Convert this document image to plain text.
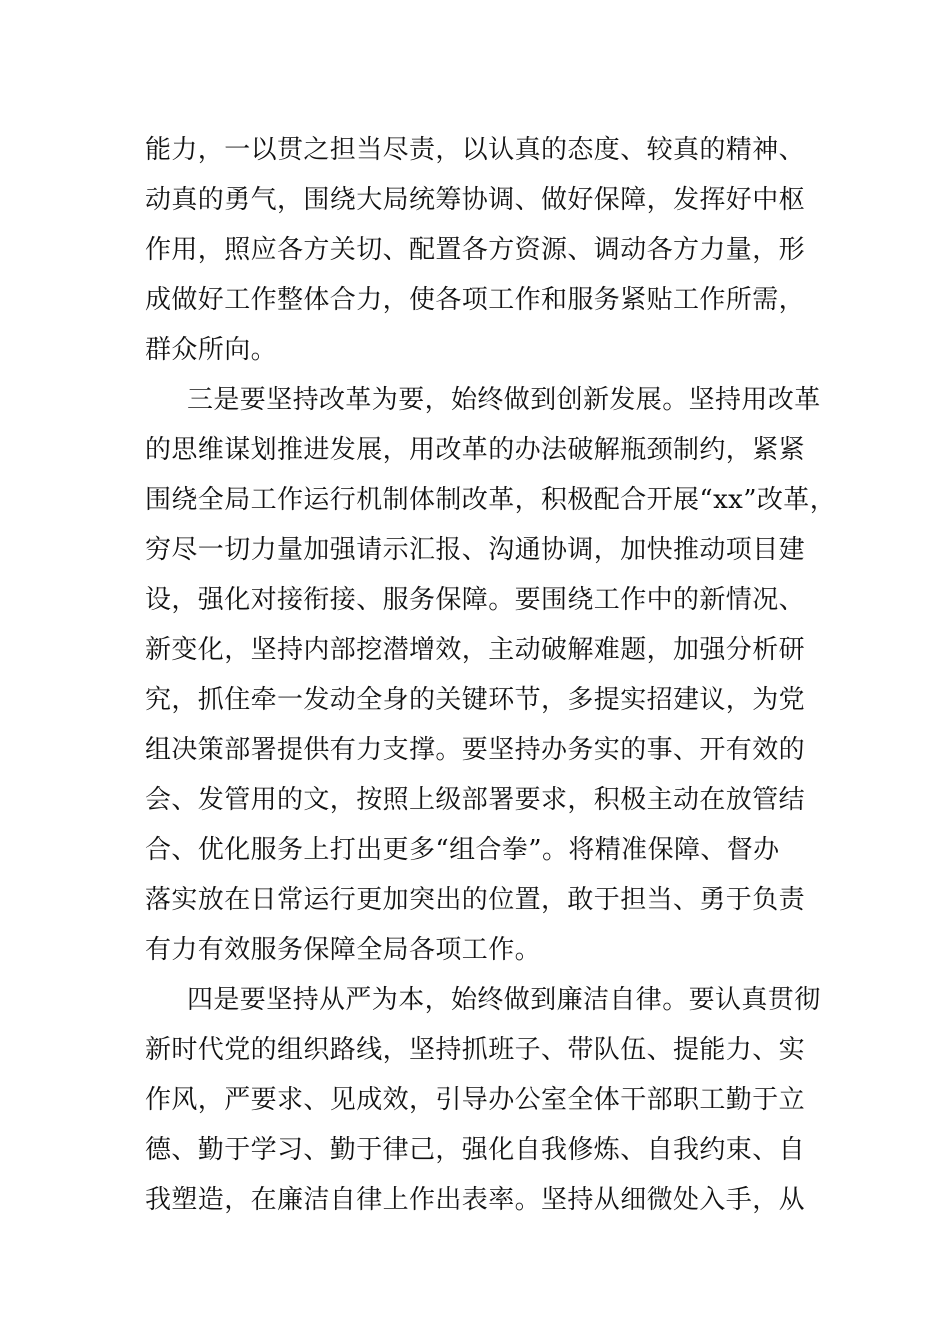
能力，一以贯之担当尽责，以认真的态度、较真的精神、
动真的勇气，围绕大局统筹协调、做好保障，发挥好中枢
作用，照应各方关切、配置各方资源、调动各方力量，形
成做好工作整体合力，使各项工作和服务紧贴工作所需，
群众所向。
三是要坚持改革为要，始终做到创新发展。坚持用改革
的思维谋划推进发展，用改革的办法破解瓶颈制约，紧紧
围绕全局工作运行机制体制改革，积极配合开展“xx”改革，
穷尽一切力量加强请示汇报、沟通协调，加快推动项目建
设，强化对接衔接、服务保障。要围绕工作中的新情况、
新变化，坚持内部挖潜增效，主动破解难题，加强分析研
究，抓住牵一发动全身的关键环节，多提实招建议，为党
组决策部署提供有力支撑。要坚持办务实的事、开有效的
会、发管用的文，按照上级部署要求，积极主动在放管结
合、优化服务上打出更多“组合拳”。将精准保障、督办
落实放在日常运行更加突出的位置，敢于担当、勇于负责
有力有效服务保障全局各项工作。
四是要坚持从严为本，始终做到廉洁自律。要认真贯彻
新时代党的组织路线，坚持抓班子、带队伍、提能力、实
作风，严要求、见成效，引导办公室全体干部职工勤于立
德、勤于学习、勤于律己，强化自我修炼、自我约束、自
我塑造，在廉洁自律上作出表率。坚持从细微处入手，从
